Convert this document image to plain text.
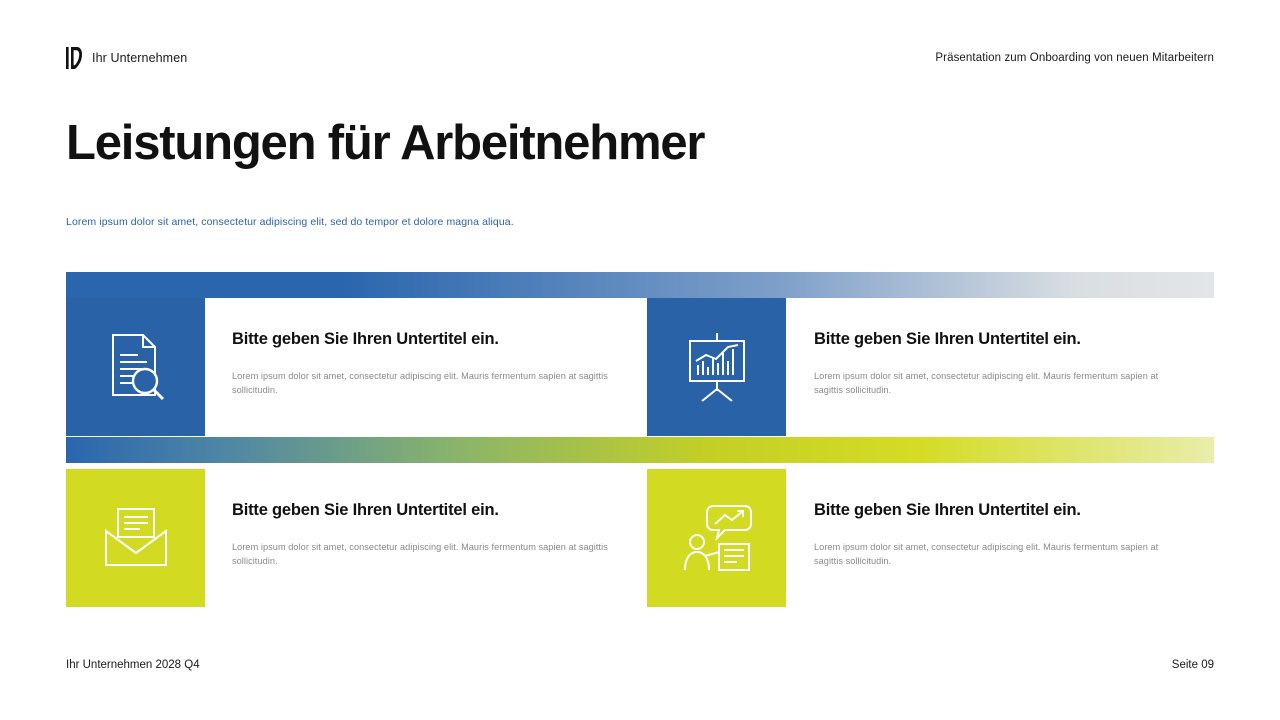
Ihr Unternehmen	Präsentation zum Onboarding von neuen Mitarbeitern
Leistungen für Arbeitnehmer
Lorem ipsum dolor sit amet, consectetur adipiscing elit, sed do tempor et dolore magna aliqua.
Bitte geben Sie Ihren Untertitel ein.
Lorem ipsum dolor sit amet, consectetur adipiscing elit. Mauris fermentum sapien at sagittis sollicitudin.
Bitte geben Sie Ihren Untertitel ein.
Lorem ipsum dolor sit amet, consectetur adipiscing elit. Mauris fermentum sapien at sagittis sollicitudin.
Bitte geben Sie Ihren Untertitel ein.
Lorem ipsum dolor sit amet, consectetur adipiscing elit. Mauris fermentum sapien at sagittis sollicitudin.
Bitte geben Sie Ihren Untertitel ein.
Lorem ipsum dolor sit amet, consectetur adipiscing elit. Mauris fermentum sapien at sagittis sollicitudin.
Ihr Unternehmen 2028 Q4	Seite 09
